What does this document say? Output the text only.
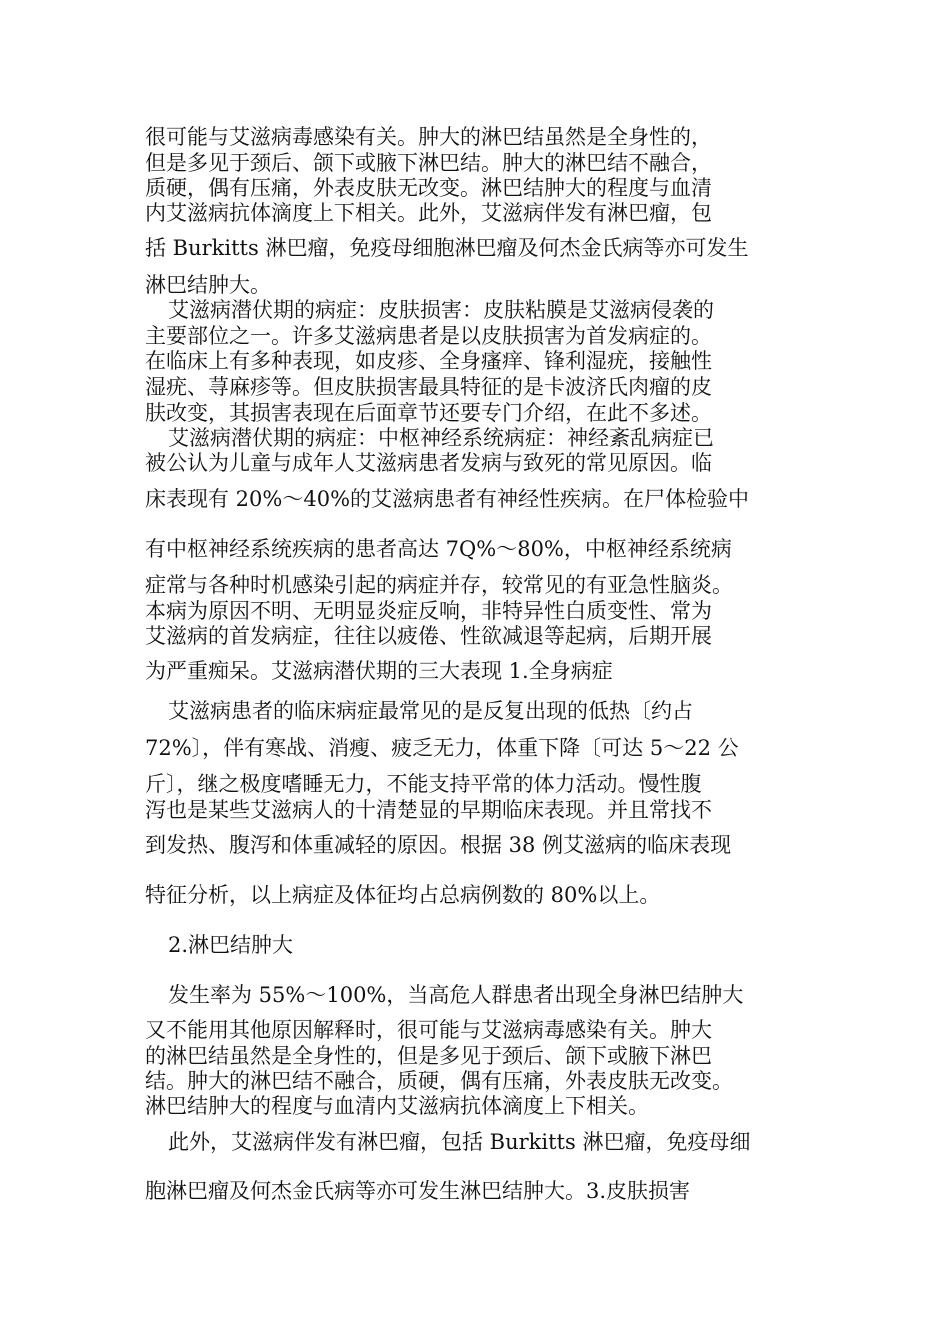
很可能与艾滋病毒感染有关。肿大的淋巴结虽然是全身性的，
但是多见于颈后、颌下或腋下淋巴结。肿大的淋巴结不融合，
质硬，偶有压痛，外表皮肤无改变。淋巴结肿大的程度与血清
内艾滋病抗体滴度上下相关。此外，艾滋病伴发有淋巴瘤，包
括 Burkitts 淋巴瘤，免疫母细胞淋巴瘤及何杰金氏病等亦可发生
淋巴结肿大。
艾滋病潜伏期的病症：皮肤损害：皮肤粘膜是艾滋病侵袭的
主要部位之一。许多艾滋病患者是以皮肤损害为首发病症的。
在临床上有多种表现，如皮疹、全身瘙痒、锋利湿疣，接触性
湿疣、荨麻疹等。但皮肤损害最具特征的是卡波济氏肉瘤的皮
肤改变，其损害表现在后面章节还要专门介绍，在此不多述。
艾滋病潜伏期的病症：中枢神经系统病症：神经紊乱病症已
被公认为儿童与成年人艾滋病患者发病与致死的常见原因。临
床表现有 20%～40%的艾滋病患者有神经性疾病。在尸体检验中
有中枢神经系统疾病的患者高达 7Q%～80%，中枢神经系统病
症常与各种时机感染引起的病症并存，较常见的有亚急性脑炎。
本病为原因不明、无明显炎症反响，非特异性白质变性、常为
艾滋病的首发病症，往往以疲倦、性欲减退等起病，后期开展
为严重痴呆。艾滋病潜伏期的三大表现 1.全身病症
艾滋病患者的临床病症最常见的是反复出现的低热〔约占
72%〕，伴有寒战、消瘦、疲乏无力，体重下降〔可达 5～22 公
斤〕，继之极度嗜睡无力，不能支持平常的体力活动。慢性腹
泻也是某些艾滋病人的十清楚显的早期临床表现。并且常找不
到发热、腹泻和体重减轻的原因。根据 38 例艾滋病的临床表现
特征分析，以上病症及体征均占总病例数的 80%以上。
2.淋巴结肿大
发生率为 55%～100%，当高危人群患者出现全身淋巴结肿大
又不能用其他原因解释时，很可能与艾滋病毒感染有关。肿大
的淋巴结虽然是全身性的，但是多见于颈后、颌下或腋下淋巴
结。肿大的淋巴结不融合，质硬，偶有压痛，外表皮肤无改变。
淋巴结肿大的程度与血清内艾滋病抗体滴度上下相关。
此外，艾滋病伴发有淋巴瘤，包括 Burkitts 淋巴瘤，免疫母细
胞淋巴瘤及何杰金氏病等亦可发生淋巴结肿大。3.皮肤损害
